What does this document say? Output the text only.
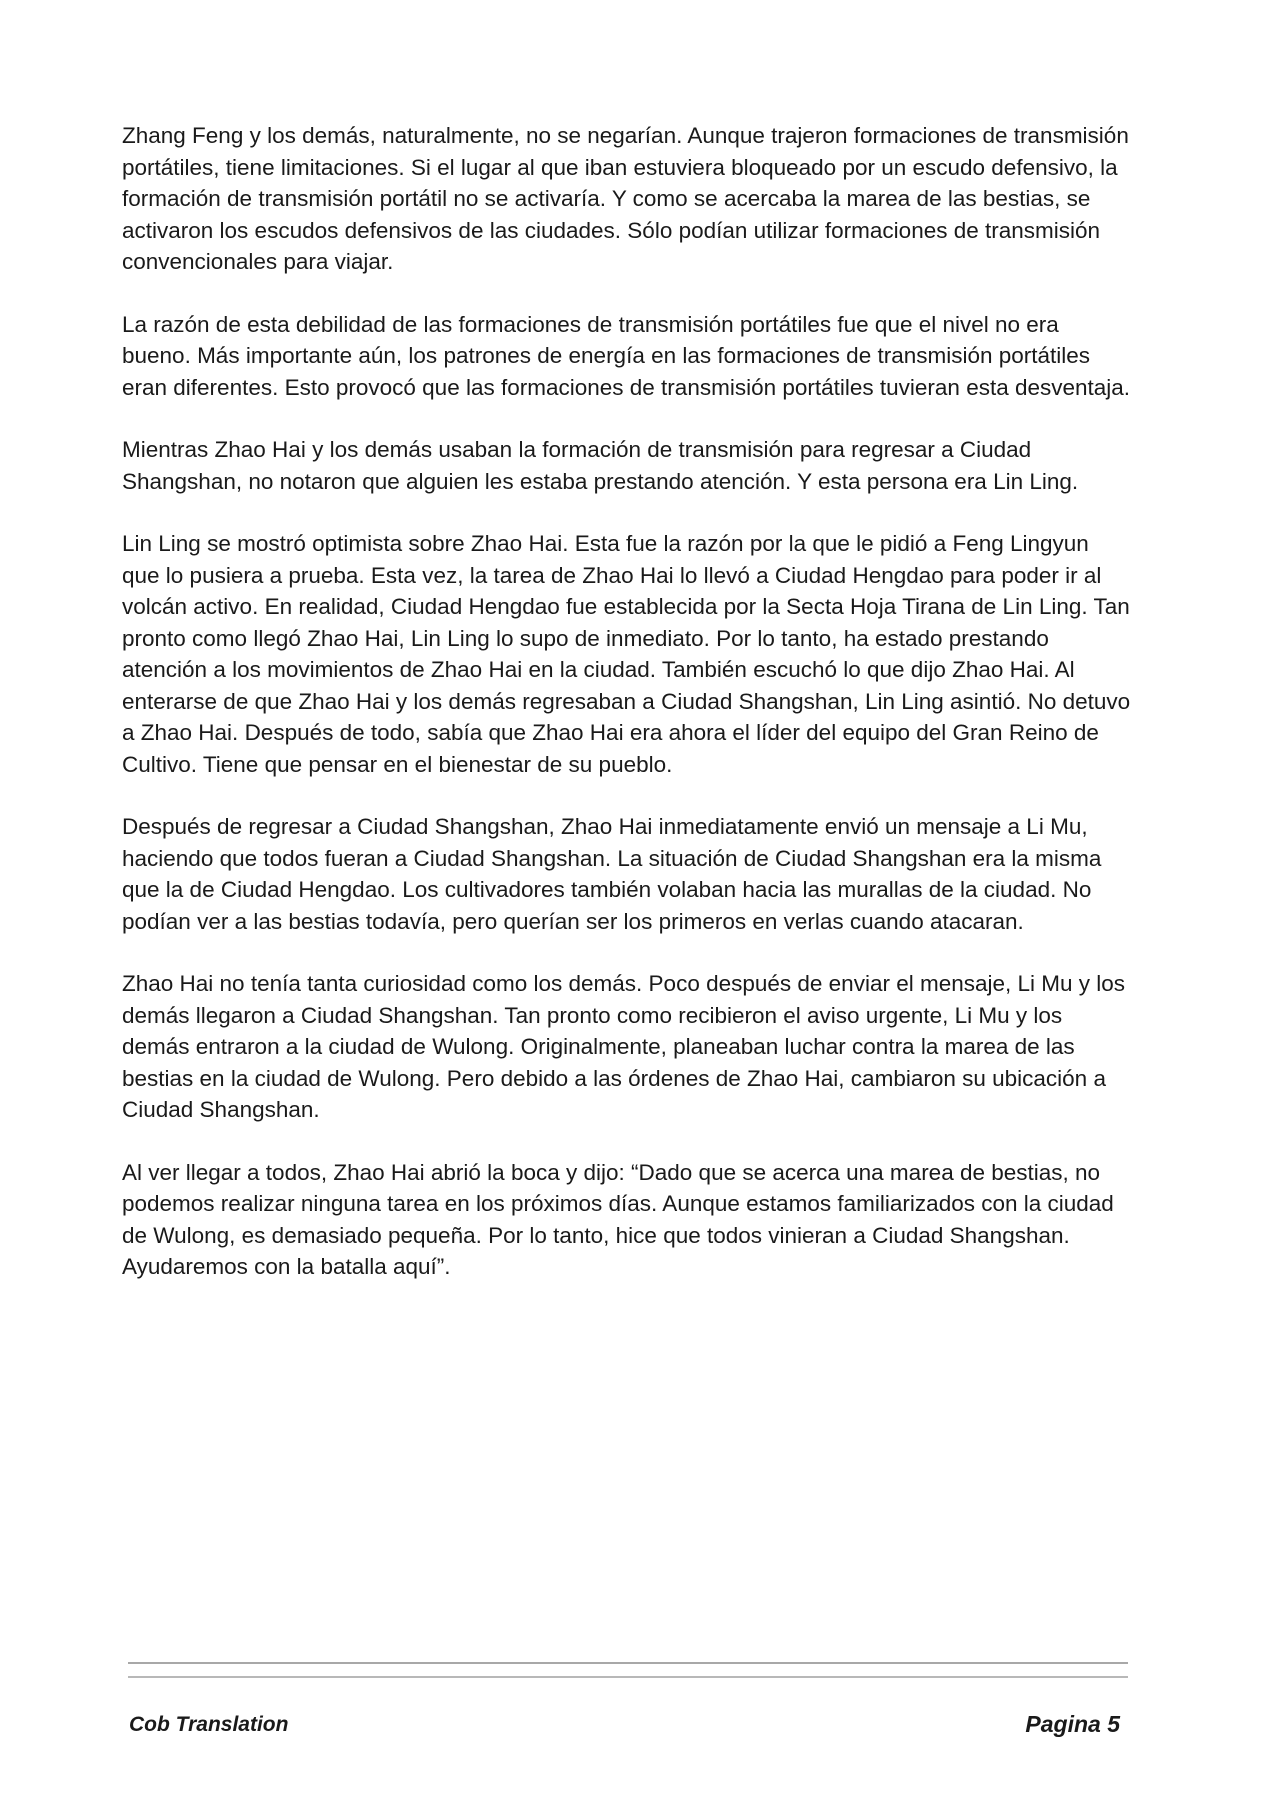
Zhang Feng y los demás, naturalmente, no se negarían. Aunque trajeron formaciones de transmisión portátiles, tiene limitaciones. Si el lugar al que iban estuviera bloqueado por un escudo defensivo, la formación de transmisión portátil no se activaría. Y como se acercaba la marea de las bestias, se activaron los escudos defensivos de las ciudades. Sólo podían utilizar formaciones de transmisión convencionales para viajar.

La razón de esta debilidad de las formaciones de transmisión portátiles fue que el nivel no era bueno. Más importante aún, los patrones de energía en las formaciones de transmisión portátiles eran diferentes. Esto provocó que las formaciones de transmisión portátiles tuvieran esta desventaja.

Mientras Zhao Hai y los demás usaban la formación de transmisión para regresar a Ciudad Shangshan, no notaron que alguien les estaba prestando atención. Y esta persona era Lin Ling.

Lin Ling se mostró optimista sobre Zhao Hai. Esta fue la razón por la que le pidió a Feng Lingyun que lo pusiera a prueba. Esta vez, la tarea de Zhao Hai lo llevó a Ciudad Hengdao para poder ir al volcán activo. En realidad, Ciudad Hengdao fue establecida por la Secta Hoja Tirana de Lin Ling. Tan pronto como llegó Zhao Hai, Lin Ling lo supo de inmediato. Por lo tanto, ha estado prestando atención a los movimientos de Zhao Hai en la ciudad. También escuchó lo que dijo Zhao Hai. Al enterarse de que Zhao Hai y los demás regresaban a Ciudad Shangshan, Lin Ling asintió. No detuvo a Zhao Hai. Después de todo, sabía que Zhao Hai era ahora el líder del equipo del Gran Reino de Cultivo. Tiene que pensar en el bienestar de su pueblo.

Después de regresar a Ciudad Shangshan, Zhao Hai inmediatamente envió un mensaje a Li Mu, haciendo que todos fueran a Ciudad Shangshan. La situación de Ciudad Shangshan era la misma que la de Ciudad Hengdao. Los cultivadores también volaban hacia las murallas de la ciudad. No podían ver a las bestias todavía, pero querían ser los primeros en verlas cuando atacaran.

Zhao Hai no tenía tanta curiosidad como los demás. Poco después de enviar el mensaje, Li Mu y los demás llegaron a Ciudad Shangshan. Tan pronto como recibieron el aviso urgente, Li Mu y los demás entraron a la ciudad de Wulong. Originalmente, planeaban luchar contra la marea de las bestias en la ciudad de Wulong. Pero debido a las órdenes de Zhao Hai, cambiaron su ubicación a Ciudad Shangshan.

Al ver llegar a todos, Zhao Hai abrió la boca y dijo: “Dado que se acerca una marea de bestias, no podemos realizar ninguna tarea en los próximos días. Aunque estamos familiarizados con la ciudad de Wulong, es demasiado pequeña. Por lo tanto, hice que todos vinieran a Ciudad Shangshan. Ayudaremos con la batalla aquí”.

Cob Translation	Pagina 5
